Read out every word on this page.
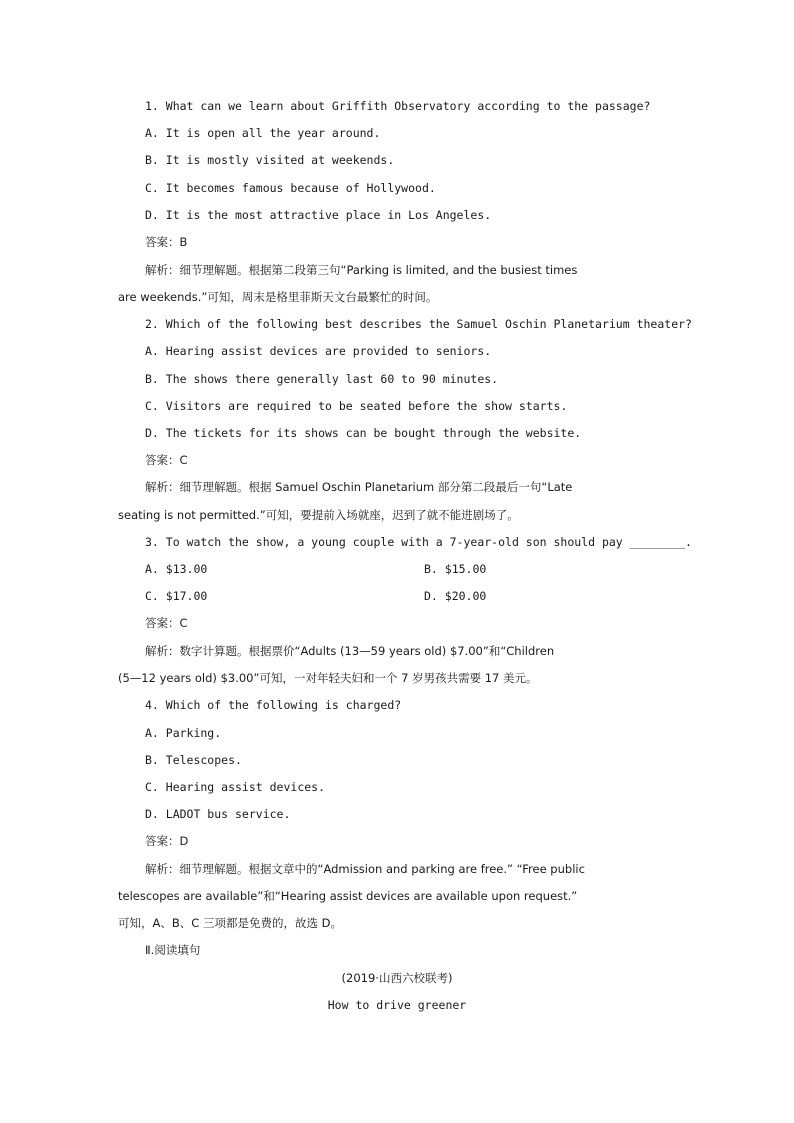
1. What can we learn about Griffith Observatory according to the passage?
A. It is open all the year around.
B. It is mostly visited at weekends.
C. It becomes famous because of Hollywood.
D. It is the most attractive place in Los Angeles.
答案：B
解析：细节理解题。根据第二段第三句“Parking is limited, and the busiest times
are weekends.”可知，周末是格里菲斯天文台最繁忙的时间。
2. Which of the following best describes the Samuel Oschin Planetarium theater?
A. Hearing assist devices are provided to seniors.
B. The shows there generally last 60 to 90 minutes.
C. Visitors are required to be seated before the show starts.
D. The tickets for its shows can be bought through the website.
答案：C
解析：细节理解题。根据 Samuel Oschin Planetarium 部分第二段最后一句“Late
seating is not permitted.”可知，要提前入场就座，迟到了就不能进剧场了。
3. To watch the show, a young couple with a 7-year-old son should pay ________.
A. $13.00	B. $15.00
C. $17.00	D. $20.00
答案：C
解析：数字计算题。根据票价“Adults (13—59 years old) $7.00”和“Children
(5—12 years old) $3.00”可知，一对年轻夫妇和一个 7 岁男孩共需要 17 美元。
4. Which of the following is charged?
A. Parking.
B. Telescopes.
C. Hearing assist devices.
D. LADOT bus service.
答案：D
解析：细节理解题。根据文章中的“Admission and parking are free.” “Free public
telescopes are available”和“Hearing assist devices are available upon request.”
可知，A、B、C 三项都是免费的，故选 D。
Ⅱ.阅读填句
(2019·山西六校联考)
How to drive greener
